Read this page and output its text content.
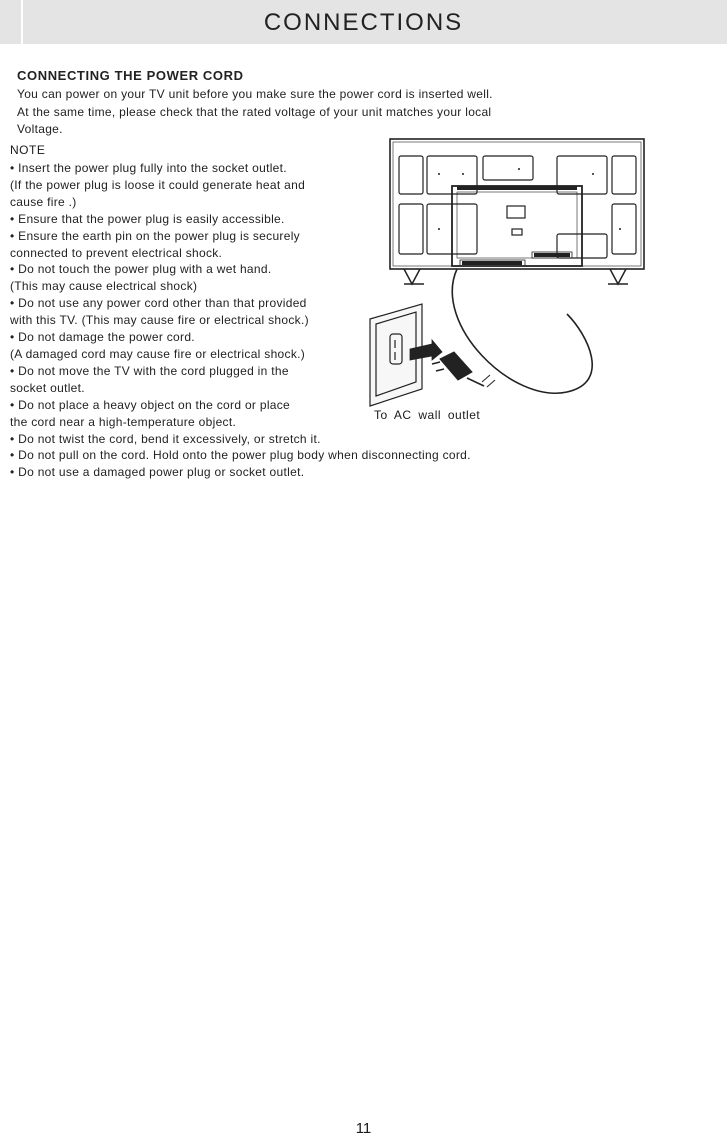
CONNECTIONS
CONNECTING THE POWER CORD
You can power on your TV unit before you make sure the power cord is inserted well.
At the same time, please check that the rated voltage of your unit matches your local
Voltage.
NOTE
• Insert the power plug fully into the socket outlet.
(If the power plug is loose it could generate heat and
cause fire .)
• Ensure that the power plug is easily accessible.
• Ensure the earth pin on the power plug is securely
connected to prevent electrical shock.
• Do not touch the power plug with a wet hand.
(This may cause electrical shock)
• Do not use any power cord other than that provided
with this TV. (This may cause fire or electrical shock.)
• Do not damage the power cord.
(A damaged cord may cause fire or electrical shock.)
• Do not move the TV with the cord plugged in the
socket outlet.
• Do not place a heavy object on the cord or place
the cord near a high-temperature object.
• Do not twist the cord, bend it excessively, or stretch it.
• Do not pull on the cord. Hold onto the power plug body when disconnecting cord.
• Do not use a damaged power plug or socket outlet.
To AC wall outlet
11
